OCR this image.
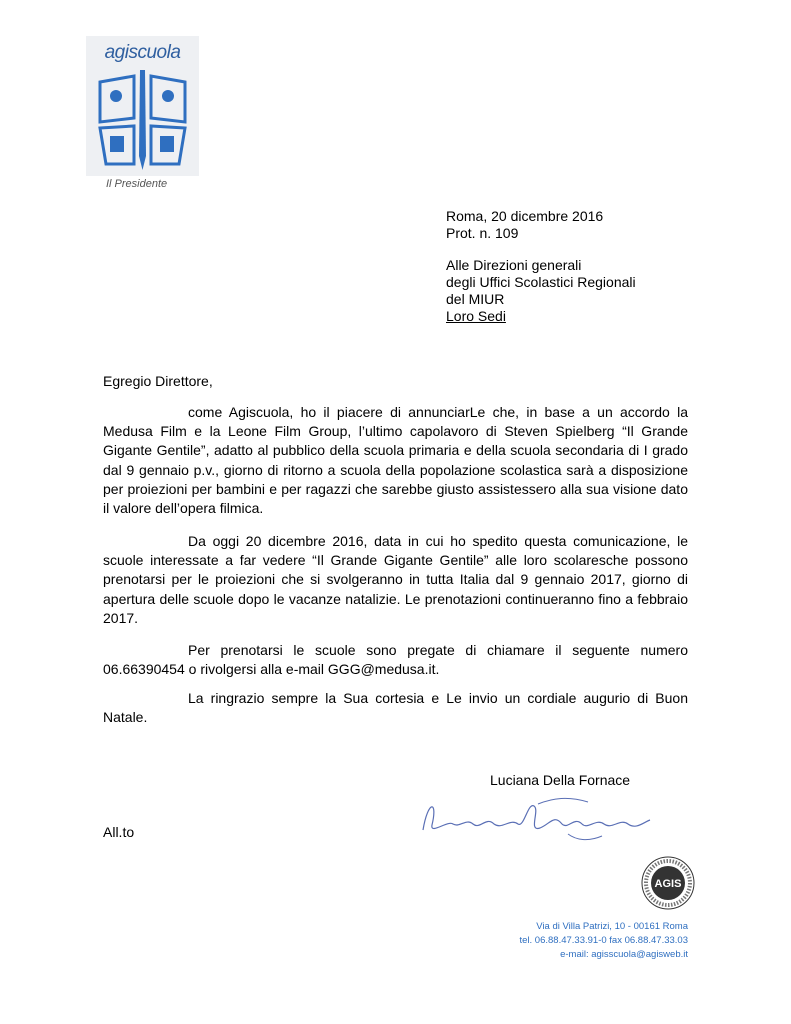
agiscuola
Il Presidente
Roma, 20 dicembre 2016
Prot. n. 109
Alle Direzioni generali
degli Uffici Scolastici Regionali
del MIUR
Loro Sedi
Egregio Direttore,

come Agiscuola, ho il piacere di annunciarLe che, in base a un accordo la Medusa Film e la Leone Film Group, l’ultimo capolavoro di Steven Spielberg “Il Grande Gigante Gentile”, adatto al pubblico della scuola primaria e della scuola secondaria di I grado dal 9 gennaio p.v., giorno di ritorno a scuola della popolazione scolastica sarà a disposizione per proiezioni per bambini e per ragazzi che sarebbe giusto assistessero alla sua visione dato il valore dell’opera filmica.

Da oggi 20 dicembre 2016, data in cui ho spedito questa comunicazione, le scuole interessate a far vedere “Il Grande Gigante Gentile” alle loro scolaresche possono prenotarsi per le proiezioni che si svolgeranno in tutta Italia dal 9 gennaio 2017, giorno di apertura delle scuole dopo le vacanze natalizie. Le prenotazioni continueranno fino a febbraio 2017.

Per prenotarsi le scuole sono pregate di chiamare il seguente numero 06.66390454 o rivolgersi alla e-mail GGG@medusa.it.

La ringrazio sempre la Sua cortesia e Le invio un cordiale augurio di Buon Natale.

Luciana Della Fornace
All.to
AGIS
Via di Villa Patrizi, 10 - 00161 Roma
tel. 06.88.47.33.91-0 fax 06.88.47.33.03
e-mail: agisscuola@agisweb.it
